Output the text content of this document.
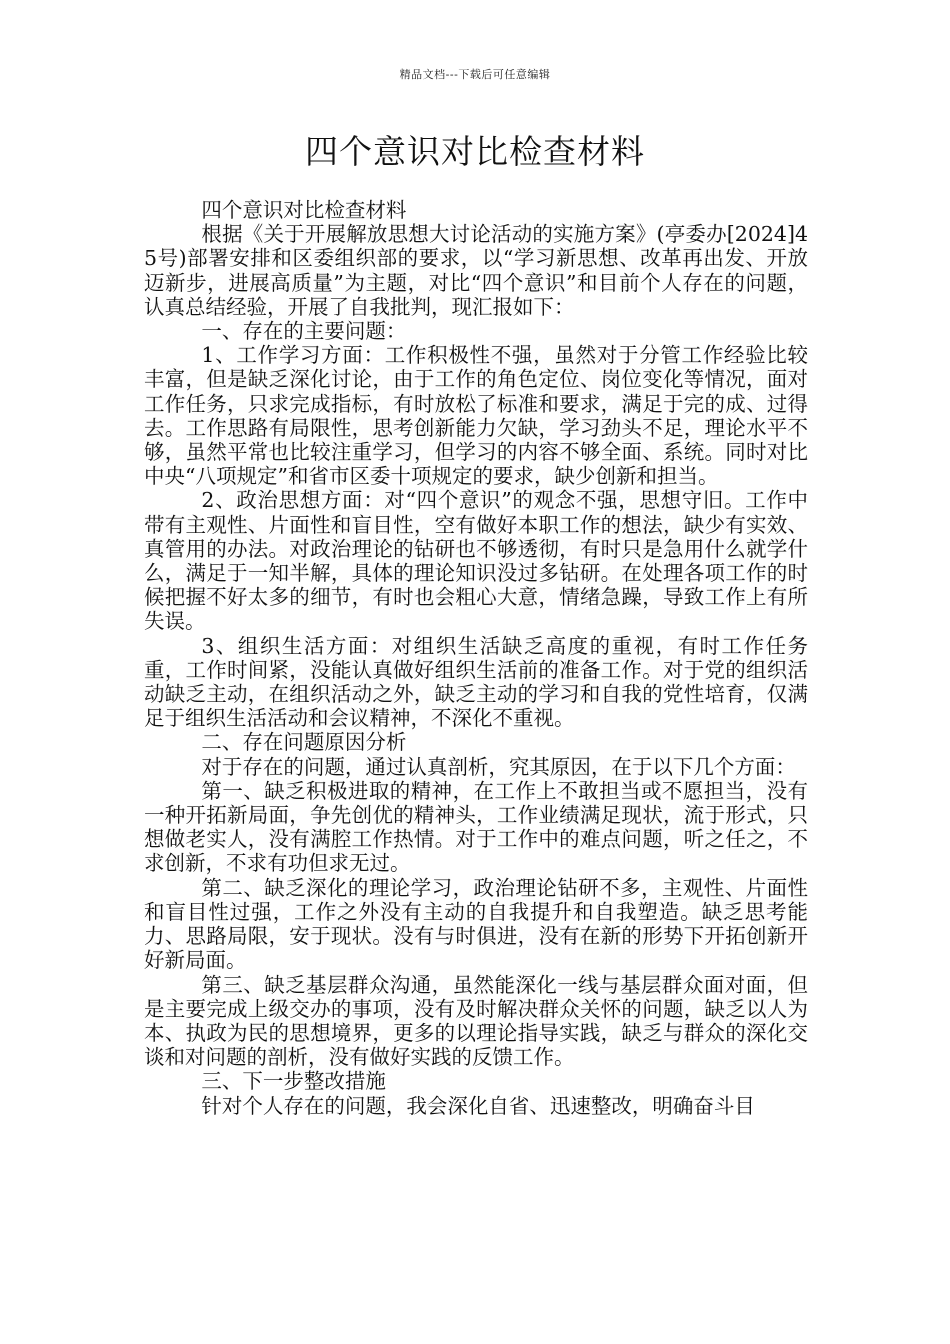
精品文档---下载后可任意编辑
四个意识对比检查材料

四个意识对比检查材料

根据《关于开展解放思想大讨论活动的实施方案》(亭委办[2024]45号)部署安排和区委组织部的要求，以“学习新思想、改革再出发、开放迈新步，进展高质量”为主题，对比“四个意识”和目前个人存在的问题，认真总结经验，开展了自我批判，现汇报如下：

一、存在的主要问题：

1、工作学习方面：工作积极性不强，虽然对于分管工作经验比较丰富，但是缺乏深化讨论，由于工作的角色定位、岗位变化等情况，面对工作任务，只求完成指标，有时放松了标准和要求，满足于完的成、过得去。工作思路有局限性，思考创新能力欠缺，学习劲头不足，理论水平不够，虽然平常也比较注重学习，但学习的内容不够全面、系统。同时对比中央“八项规定”和省市区委十项规定的要求，缺少创新和担当。

2、政治思想方面：对“四个意识”的观念不强，思想守旧。工作中带有主观性、片面性和盲目性，空有做好本职工作的想法，缺少有实效、真管用的办法。对政治理论的钻研也不够透彻，有时只是急用什么就学什么，满足于一知半解，具体的理论知识没过多钻研。在处理各项工作的时候把握不好太多的细节，有时也会粗心大意，情绪急躁，导致工作上有所失误。

3、组织生活方面：对组织生活缺乏高度的重视，有时工作任务重，工作时间紧，没能认真做好组织生活前的准备工作。对于党的组织活动缺乏主动，在组织活动之外，缺乏主动的学习和自我的党性培育，仅满足于组织生活活动和会议精神，不深化不重视。

二、存在问题原因分析

对于存在的问题，通过认真剖析，究其原因，在于以下几个方面：

第一、缺乏积极进取的精神，在工作上不敢担当或不愿担当，没有一种开拓新局面，争先创优的精神头，工作业绩满足现状，流于形式，只想做老实人，没有满腔工作热情。对于工作中的难点问题，听之任之，不求创新，不求有功但求无过。

第二、缺乏深化的理论学习，政治理论钻研不多，主观性、片面性和盲目性过强，工作之外没有主动的自我提升和自我塑造。缺乏思考能力、思路局限，安于现状。没有与时俱进，没有在新的形势下开拓创新开好新局面。

第三、缺乏基层群众沟通，虽然能深化一线与基层群众面对面，但是主要完成上级交办的事项，没有及时解决群众关怀的问题，缺乏以人为本、执政为民的思想境界，更多的以理论指导实践，缺乏与群众的深化交谈和对问题的剖析，没有做好实践的反馈工作。

三、下一步整改措施

针对个人存在的问题，我会深化自省、迅速整改，明确奋斗目
